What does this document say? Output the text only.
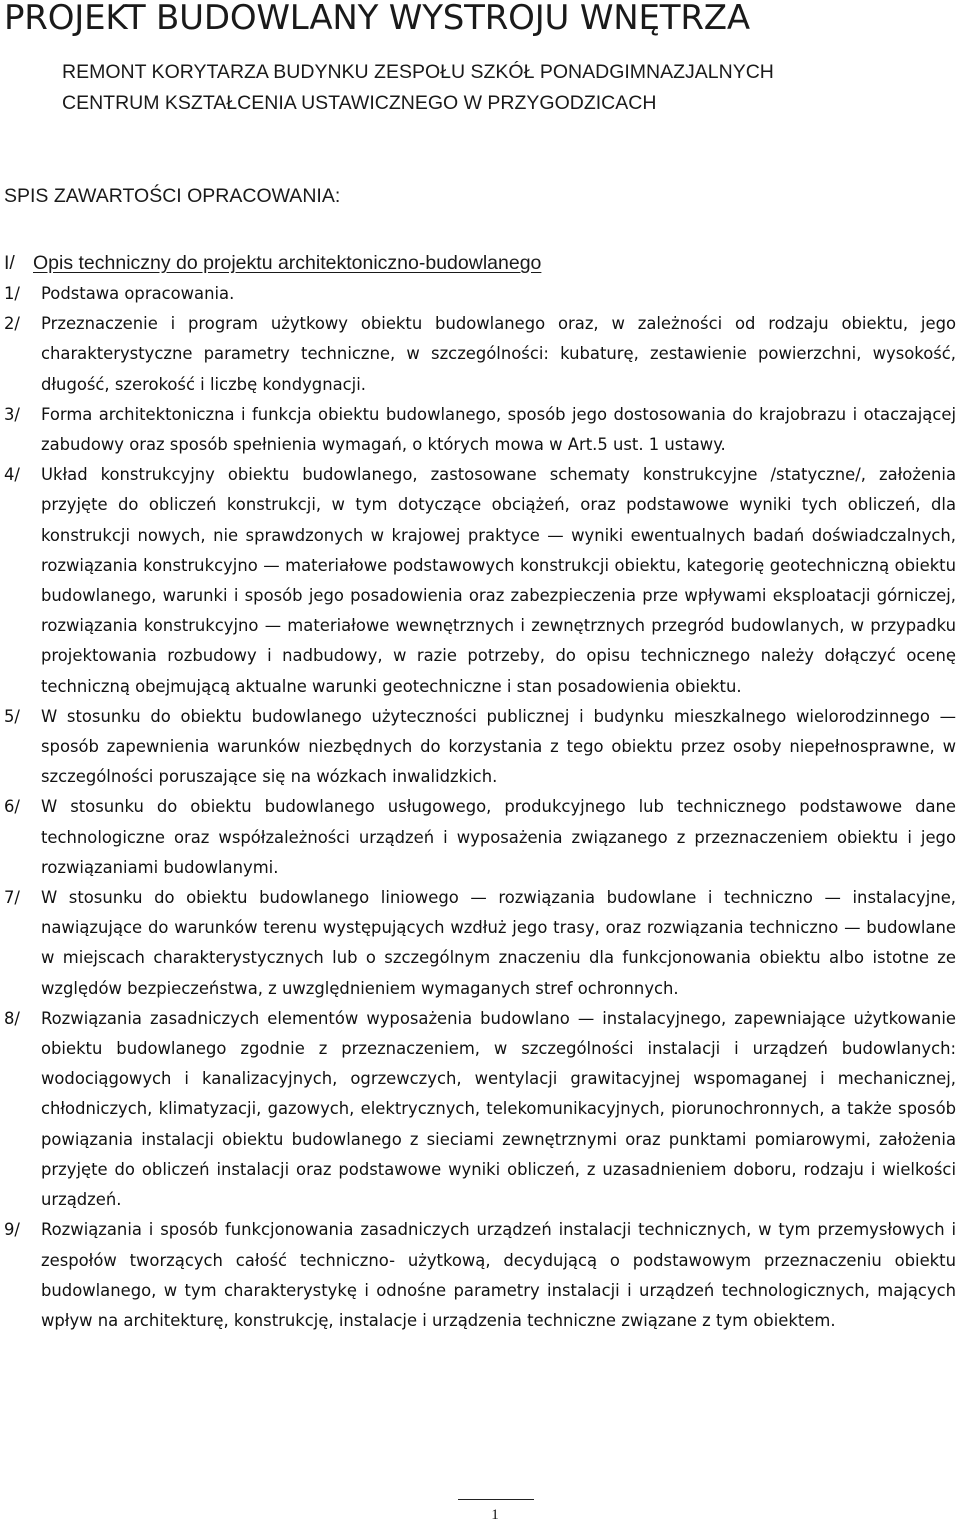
PROJEKT BUDOWLANY WYSTROJU WNĘTRZA
REMONT KORYTARZA BUDYNKU ZESPOŁU SZKÓŁ PONADGIMNAZJALNYCH
CENTRUM KSZTAŁCENIA USTAWICZNEGO W PRZYGODZICACH
SPIS ZAWARTOŚCI OPRACOWANIA:
I/ Opis techniczny do projektu architektoniczno-budowlanego
1/ Podstawa opracowania.
2/ Przeznaczenie i program użytkowy obiektu budowlanego oraz, w zależności od rodzaju obiektu, jego charakterystyczne parametry techniczne, w szczególności: kubaturę, zestawienie powierzchni, wysokość, długość, szerokość i liczbę kondygnacji.
3/ Forma architektoniczna i funkcja obiektu budowlanego, sposób jego dostosowania do krajobrazu i otaczającej zabudowy oraz sposób spełnienia wymagań, o których mowa w Art.5 ust. 1 ustawy.
4/ Układ konstrukcyjny obiektu budowlanego, zastosowane schematy konstrukcyjne /statyczne/, założenia przyjęte do obliczeń konstrukcji, w tym dotyczące obciążeń, oraz podstawowe wyniki tych obliczeń, dla konstrukcji nowych, nie sprawdzonych w krajowej praktyce — wyniki ewentualnych badań doświadczalnych, rozwiązania konstrukcyjno — materiałowe podstawowych konstrukcji obiektu, kategorię geotechniczną obiektu budowlanego, warunki i sposób jego posadowienia oraz zabezpieczenia prze wpływami eksploatacji górniczej, rozwiązania konstrukcyjno — materiałowe wewnętrznych i zewnętrznych przegród budowlanych, w przypadku projektowania rozbudowy i nadbudowy, w razie potrzeby, do opisu technicznego należy dołączyć ocenę techniczną obejmującą aktualne warunki geotechniczne i stan posadowienia obiektu.
5/ W stosunku do obiektu budowlanego użyteczności publicznej i budynku mieszkalnego wielorodzinnego — sposób zapewnienia warunków niezbędnych do korzystania z tego obiektu przez osoby niepełnosprawne, w szczególności poruszające się na wózkach inwalidzkich.
6/ W stosunku do obiektu budowlanego usługowego, produkcyjnego lub technicznego podstawowe dane technologiczne oraz współzależności urządzeń i wyposażenia związanego z przeznaczeniem obiektu i jego rozwiązaniami budowlanymi.
7/ W stosunku do obiektu budowlanego liniowego — rozwiązania budowlane i techniczno — instalacyjne, nawiązujące do warunków terenu występujących wzdłuż jego trasy, oraz rozwiązania techniczno — budowlane w miejscach charakterystycznych lub o szczególnym znaczeniu dla funkcjonowania obiektu albo istotne ze względów bezpieczeństwa, z uwzględnieniem wymaganych stref ochronnych.
8/ Rozwiązania zasadniczych elementów wyposażenia budowlano — instalacyjnego, zapewniające użytkowanie obiektu budowlanego zgodnie z przeznaczeniem, w szczególności instalacji i urządzeń budowlanych: wodociągowych i kanalizacyjnych, ogrzewczych, wentylacji grawitacyjnej wspomaganej i mechanicznej, chłodniczych, klimatyzacji, gazowych, elektrycznych, telekomunikacyjnych, piorunochronnych, a także sposób powiązania instalacji obiektu budowlanego z sieciami zewnętrznymi oraz punktami pomiarowymi, założenia przyjęte do obliczeń instalacji oraz podstawowe wyniki obliczeń, z uzasadnieniem doboru, rodzaju i wielkości urządzeń.
9/ Rozwiązania i sposób funkcjonowania zasadniczych urządzeń instalacji technicznych, w tym przemysłowych i zespołów tworzących całość techniczno- użytkową, decydującą o podstawowym przeznaczeniu obiektu budowlanego, w tym charakterystykę i odnośne parametry instalacji i urządzeń technologicznych, mających wpływ na architekturę, konstrukcję, instalacje i urządzenia techniczne związane z tym obiektem.
1
